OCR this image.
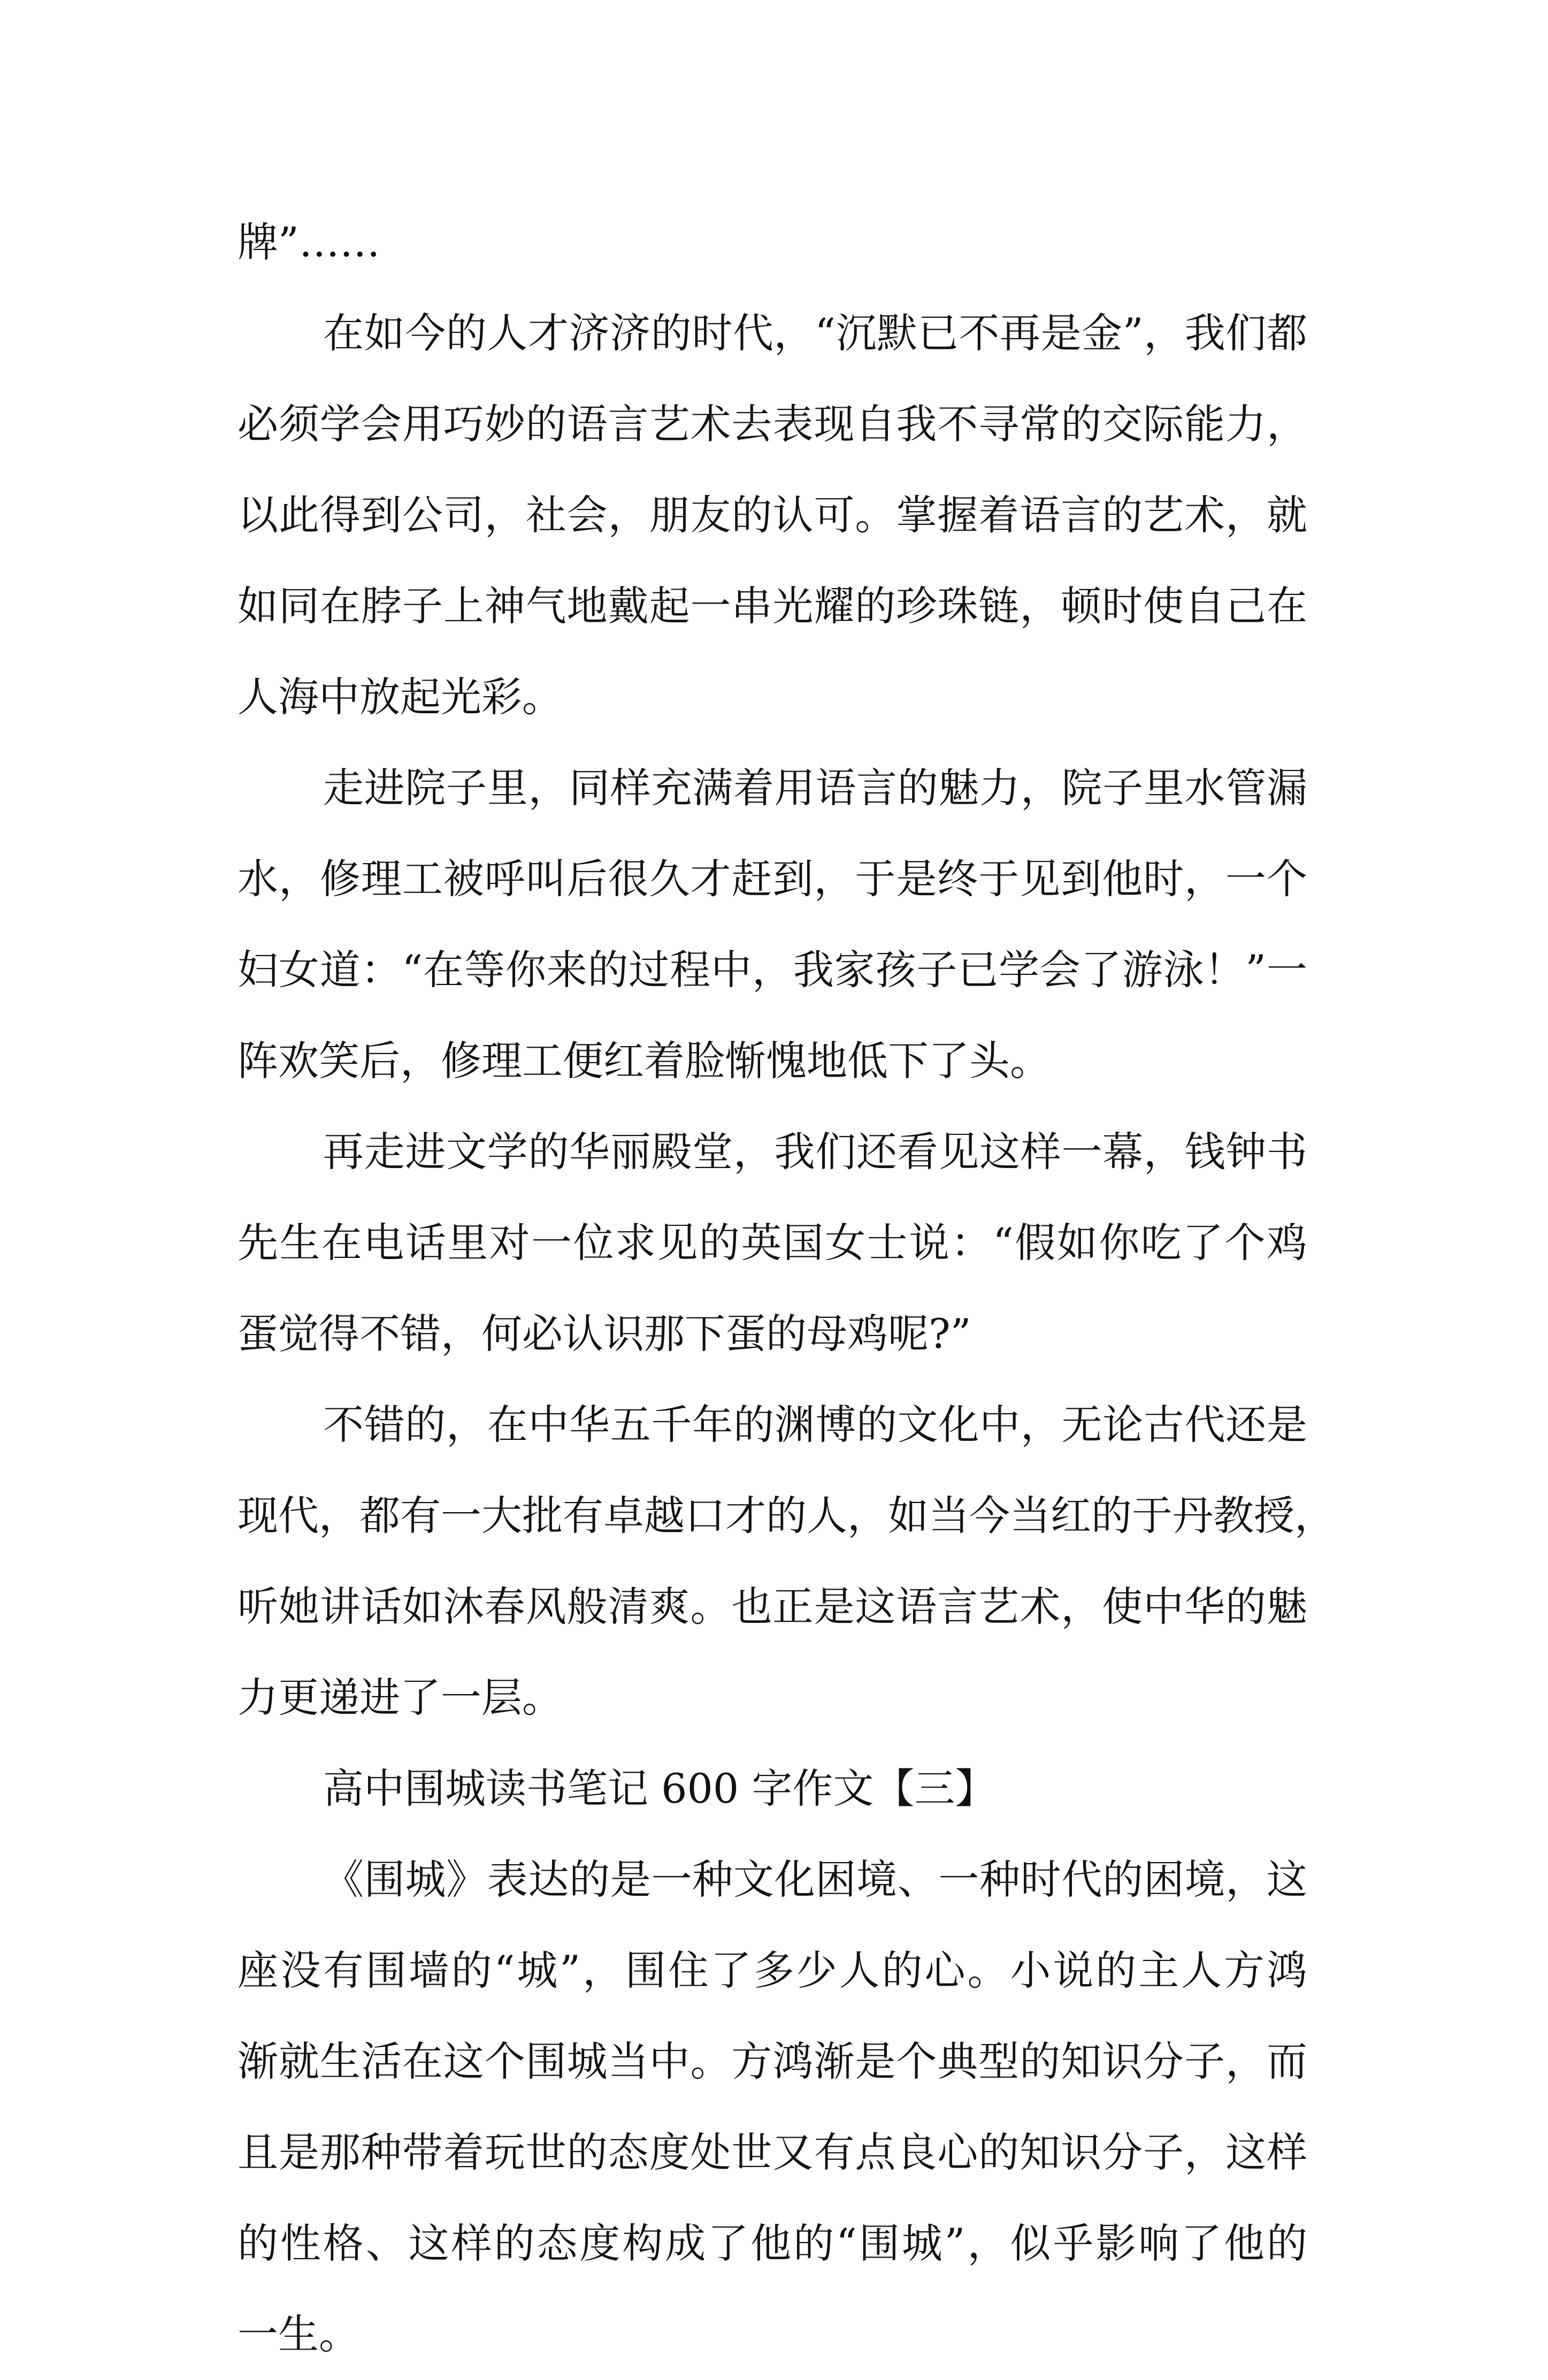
牌”……
在如今的人才济济的时代，“沉默已不再是金”，我们都
必须学会用巧妙的语言艺术去表现自我不寻常的交际能力，
以此得到公司，社会，朋友的认可。掌握着语言的艺术，就
如同在脖子上神气地戴起一串光耀的珍珠链，顿时使自己在
人海中放起光彩。
走进院子里，同样充满着用语言的魅力，院子里水管漏
水，修理工被呼叫后很久才赶到，于是终于见到他时，一个
妇女道：“在等你来的过程中，我家孩子已学会了游泳！”一
阵欢笑后，修理工便红着脸惭愧地低下了头。
再走进文学的华丽殿堂，我们还看见这样一幕，钱钟书
先生在电话里对一位求见的英国女士说：“假如你吃了个鸡
蛋觉得不错，何必认识那下蛋的母鸡呢?”
不错的，在中华五千年的渊博的文化中，无论古代还是
现代，都有一大批有卓越口才的人，如当今当红的于丹教授，
听她讲话如沐春风般清爽。也正是这语言艺术，使中华的魅
力更递进了一层。
高中围城读书笔记 600 字作文【三】
《围城》表达的是一种文化困境、一种时代的困境，这
座没有围墙的“城”，围住了多少人的心。小说的主人方鸿
渐就生活在这个围城当中。方鸿渐是个典型的知识分子，而
且是那种带着玩世的态度处世又有点良心的知识分子，这样
的性格、这样的态度构成了他的“围城”，似乎影响了他的
一生。
